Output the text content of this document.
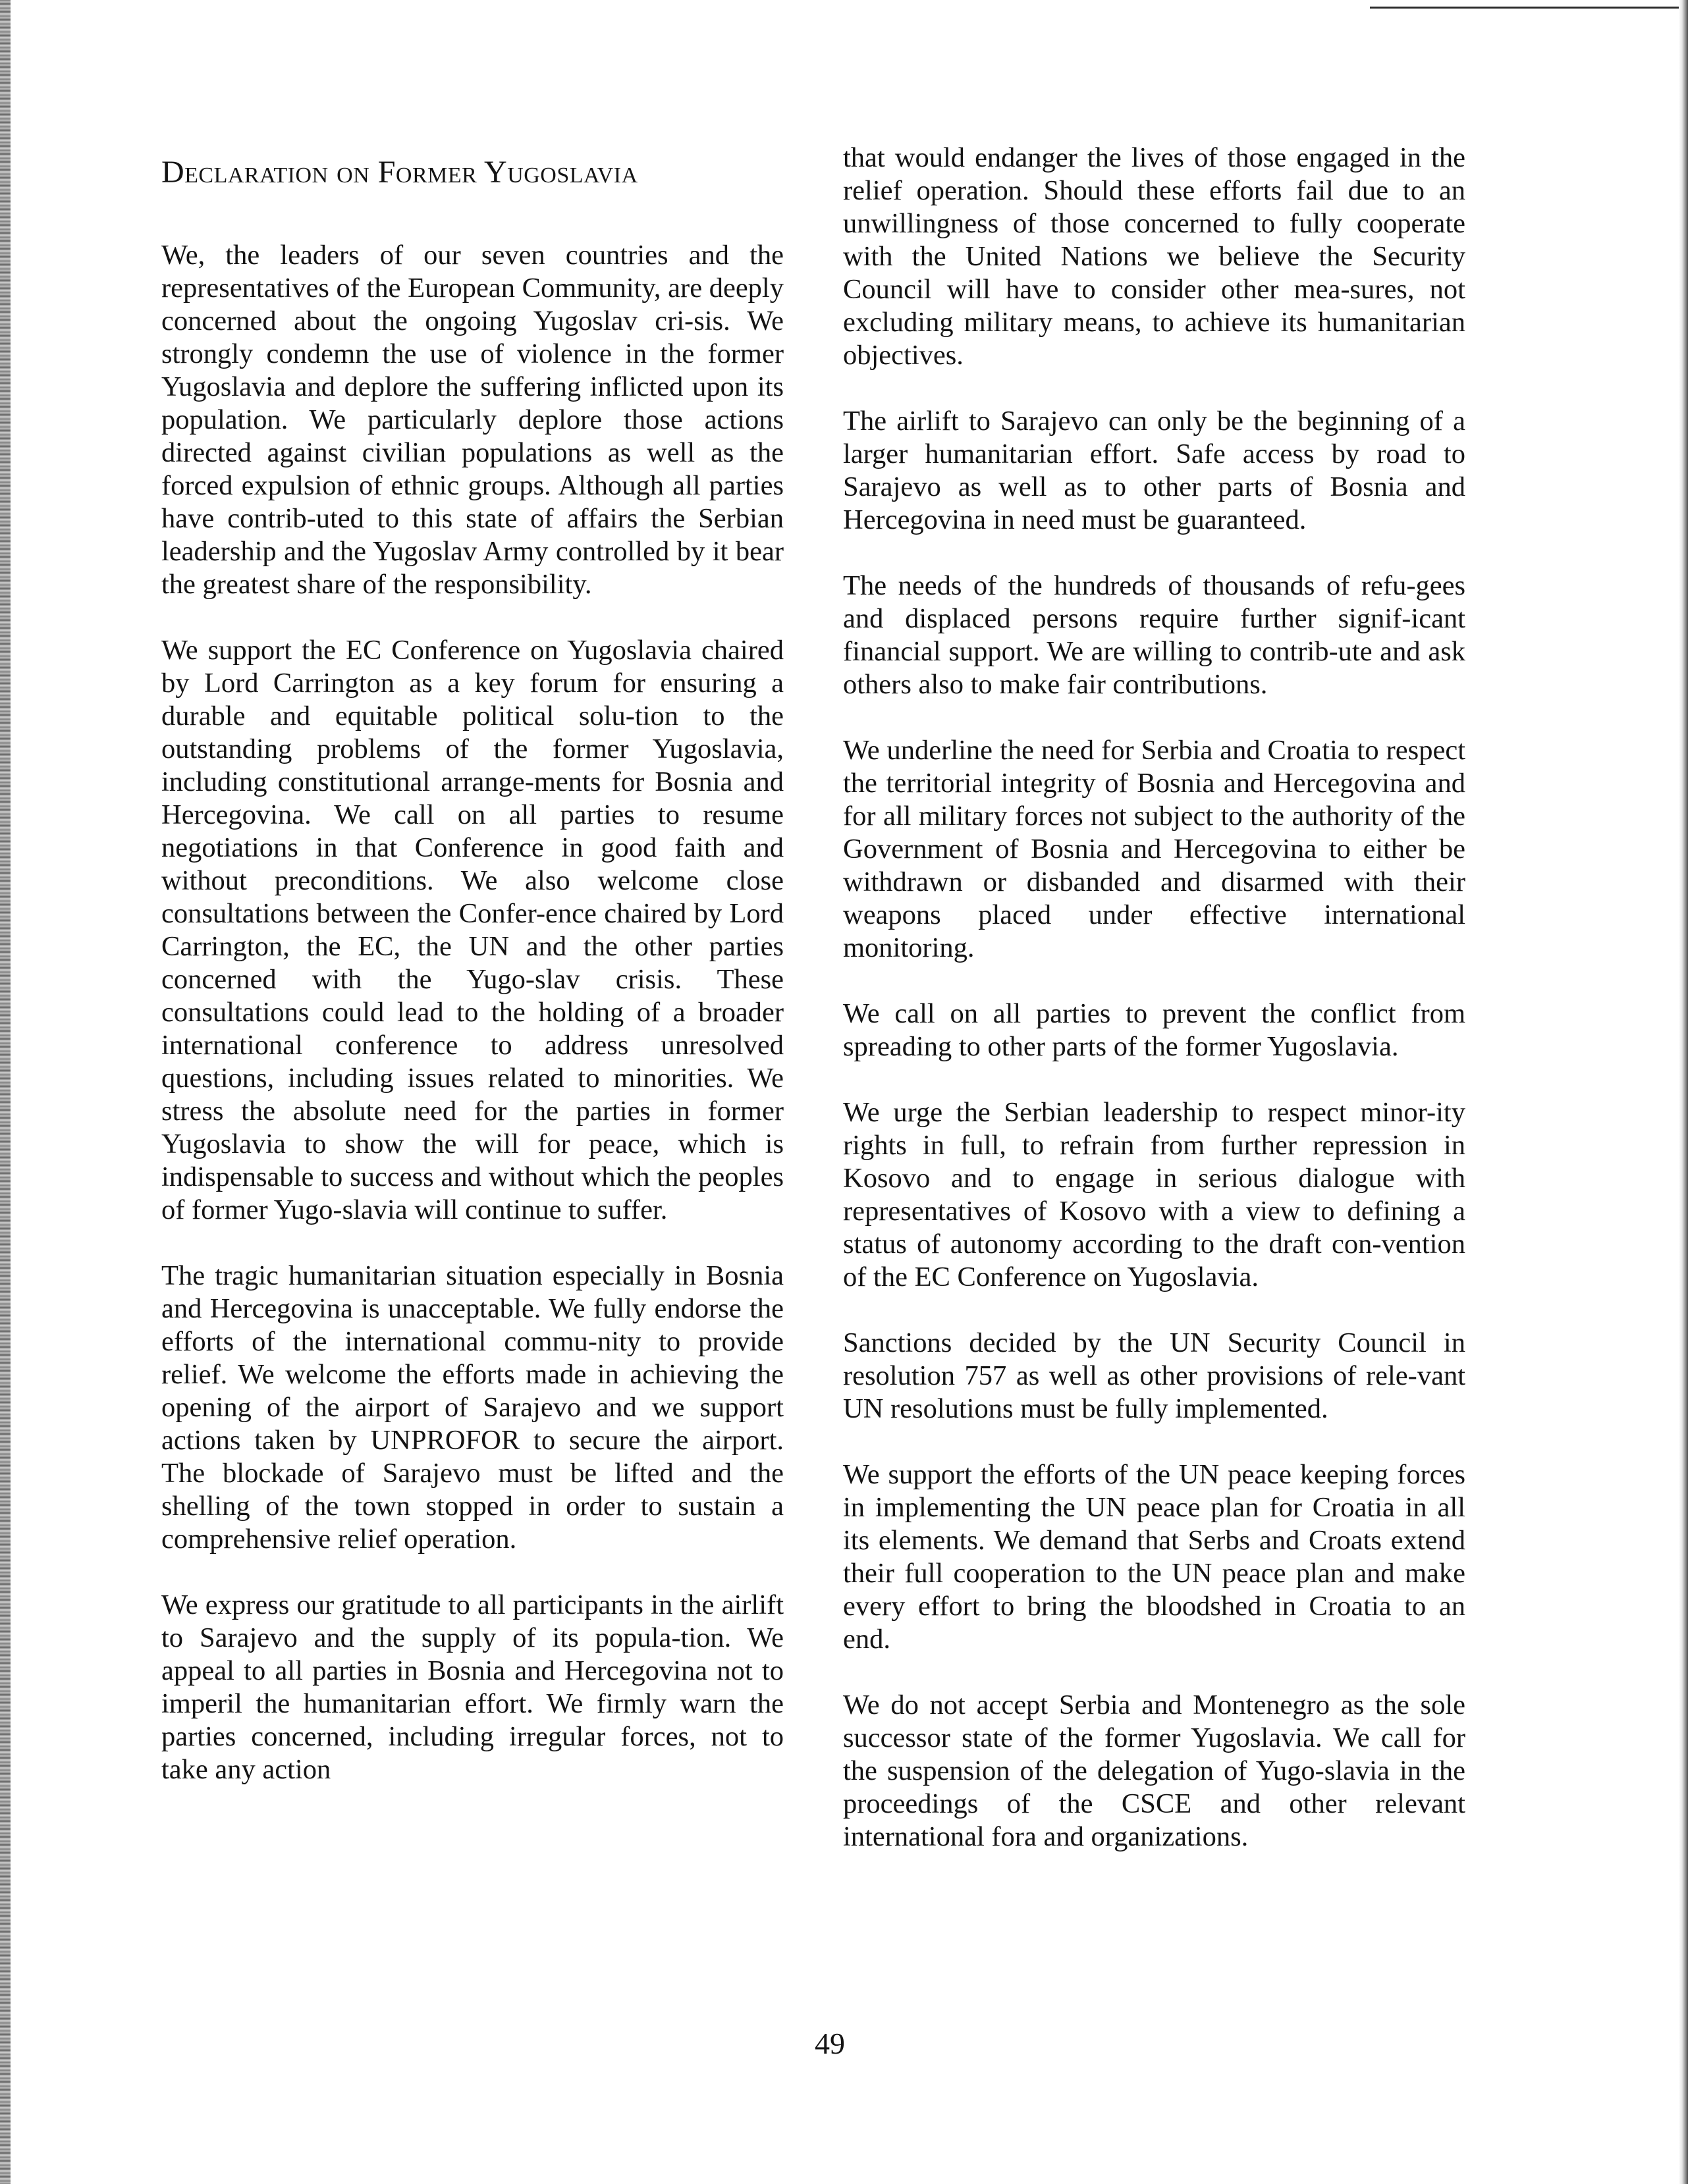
Declaration on Former Yugoslavia

We, the leaders of our seven countries and the representatives of the European Community, are deeply concerned about the ongoing Yugoslav cri-sis. We strongly condemn the use of violence in the former Yugoslavia and deplore the suffering inflicted upon its population. We particularly deplore those actions directed against civilian populations as well as the forced expulsion of ethnic groups. Although all parties have contrib-uted to this state of affairs the Serbian leadership and the Yugoslav Army controlled by it bear the greatest share of the responsibility.

We support the EC Conference on Yugoslavia chaired by Lord Carrington as a key forum for ensuring a durable and equitable political solu-tion to the outstanding problems of the former Yugoslavia, including constitutional arrange-ments for Bosnia and Hercegovina. We call on all parties to resume negotiations in that Conference in good faith and without preconditions. We also welcome close consultations between the Confer-ence chaired by Lord Carrington, the EC, the UN and the other parties concerned with the Yugo-slav crisis. These consultations could lead to the holding of a broader international conference to address unresolved questions, including issues related to minorities. We stress the absolute need for the parties in former Yugoslavia to show the will for peace, which is indispensable to success and without which the peoples of former Yugo-slavia will continue to suffer.

The tragic humanitarian situation especially in Bosnia and Hercegovina is unacceptable. We fully endorse the efforts of the international commu-nity to provide relief. We welcome the efforts made in achieving the opening of the airport of Sarajevo and we support actions taken by UNPROFOR to secure the airport. The blockade of Sarajevo must be lifted and the shelling of the town stopped in order to sustain a comprehensive relief operation.

We express our gratitude to all participants in the airlift to Sarajevo and the supply of its popula-tion. We appeal to all parties in Bosnia and Hercegovina not to imperil the humanitarian effort. We firmly warn the parties concerned, including irregular forces, not to take any action

that would endanger the lives of those engaged in the relief operation. Should these efforts fail due to an unwillingness of those concerned to fully cooperate with the United Nations we believe the Security Council will have to consider other mea-sures, not excluding military means, to achieve its humanitarian objectives.

The airlift to Sarajevo can only be the beginning of a larger humanitarian effort. Safe access by road to Sarajevo as well as to other parts of Bosnia and Hercegovina in need must be guaranteed.

The needs of the hundreds of thousands of refu-gees and displaced persons require further signif-icant financial support. We are willing to contrib-ute and ask others also to make fair contributions.

We underline the need for Serbia and Croatia to respect the territorial integrity of Bosnia and Hercegovina and for all military forces not subject to the authority of the Government of Bosnia and Hercegovina to either be withdrawn or disbanded and disarmed with their weapons placed under effective international monitoring.

We call on all parties to prevent the conflict from spreading to other parts of the former Yugoslavia.

We urge the Serbian leadership to respect minor-ity rights in full, to refrain from further repression in Kosovo and to engage in serious dialogue with representatives of Kosovo with a view to defining a status of autonomy according to the draft con-vention of the EC Conference on Yugoslavia.

Sanctions decided by the UN Security Council in resolution 757 as well as other provisions of rele-vant UN resolutions must be fully implemented.

We support the efforts of the UN peace keeping forces in implementing the UN peace plan for Croatia in all its elements. We demand that Serbs and Croats extend their full cooperation to the UN peace plan and make every effort to bring the bloodshed in Croatia to an end.

We do not accept Serbia and Montenegro as the sole successor state of the former Yugoslavia. We call for the suspension of the delegation of Yugo-slavia in the proceedings of the CSCE and other relevant international fora and organizations.

49
